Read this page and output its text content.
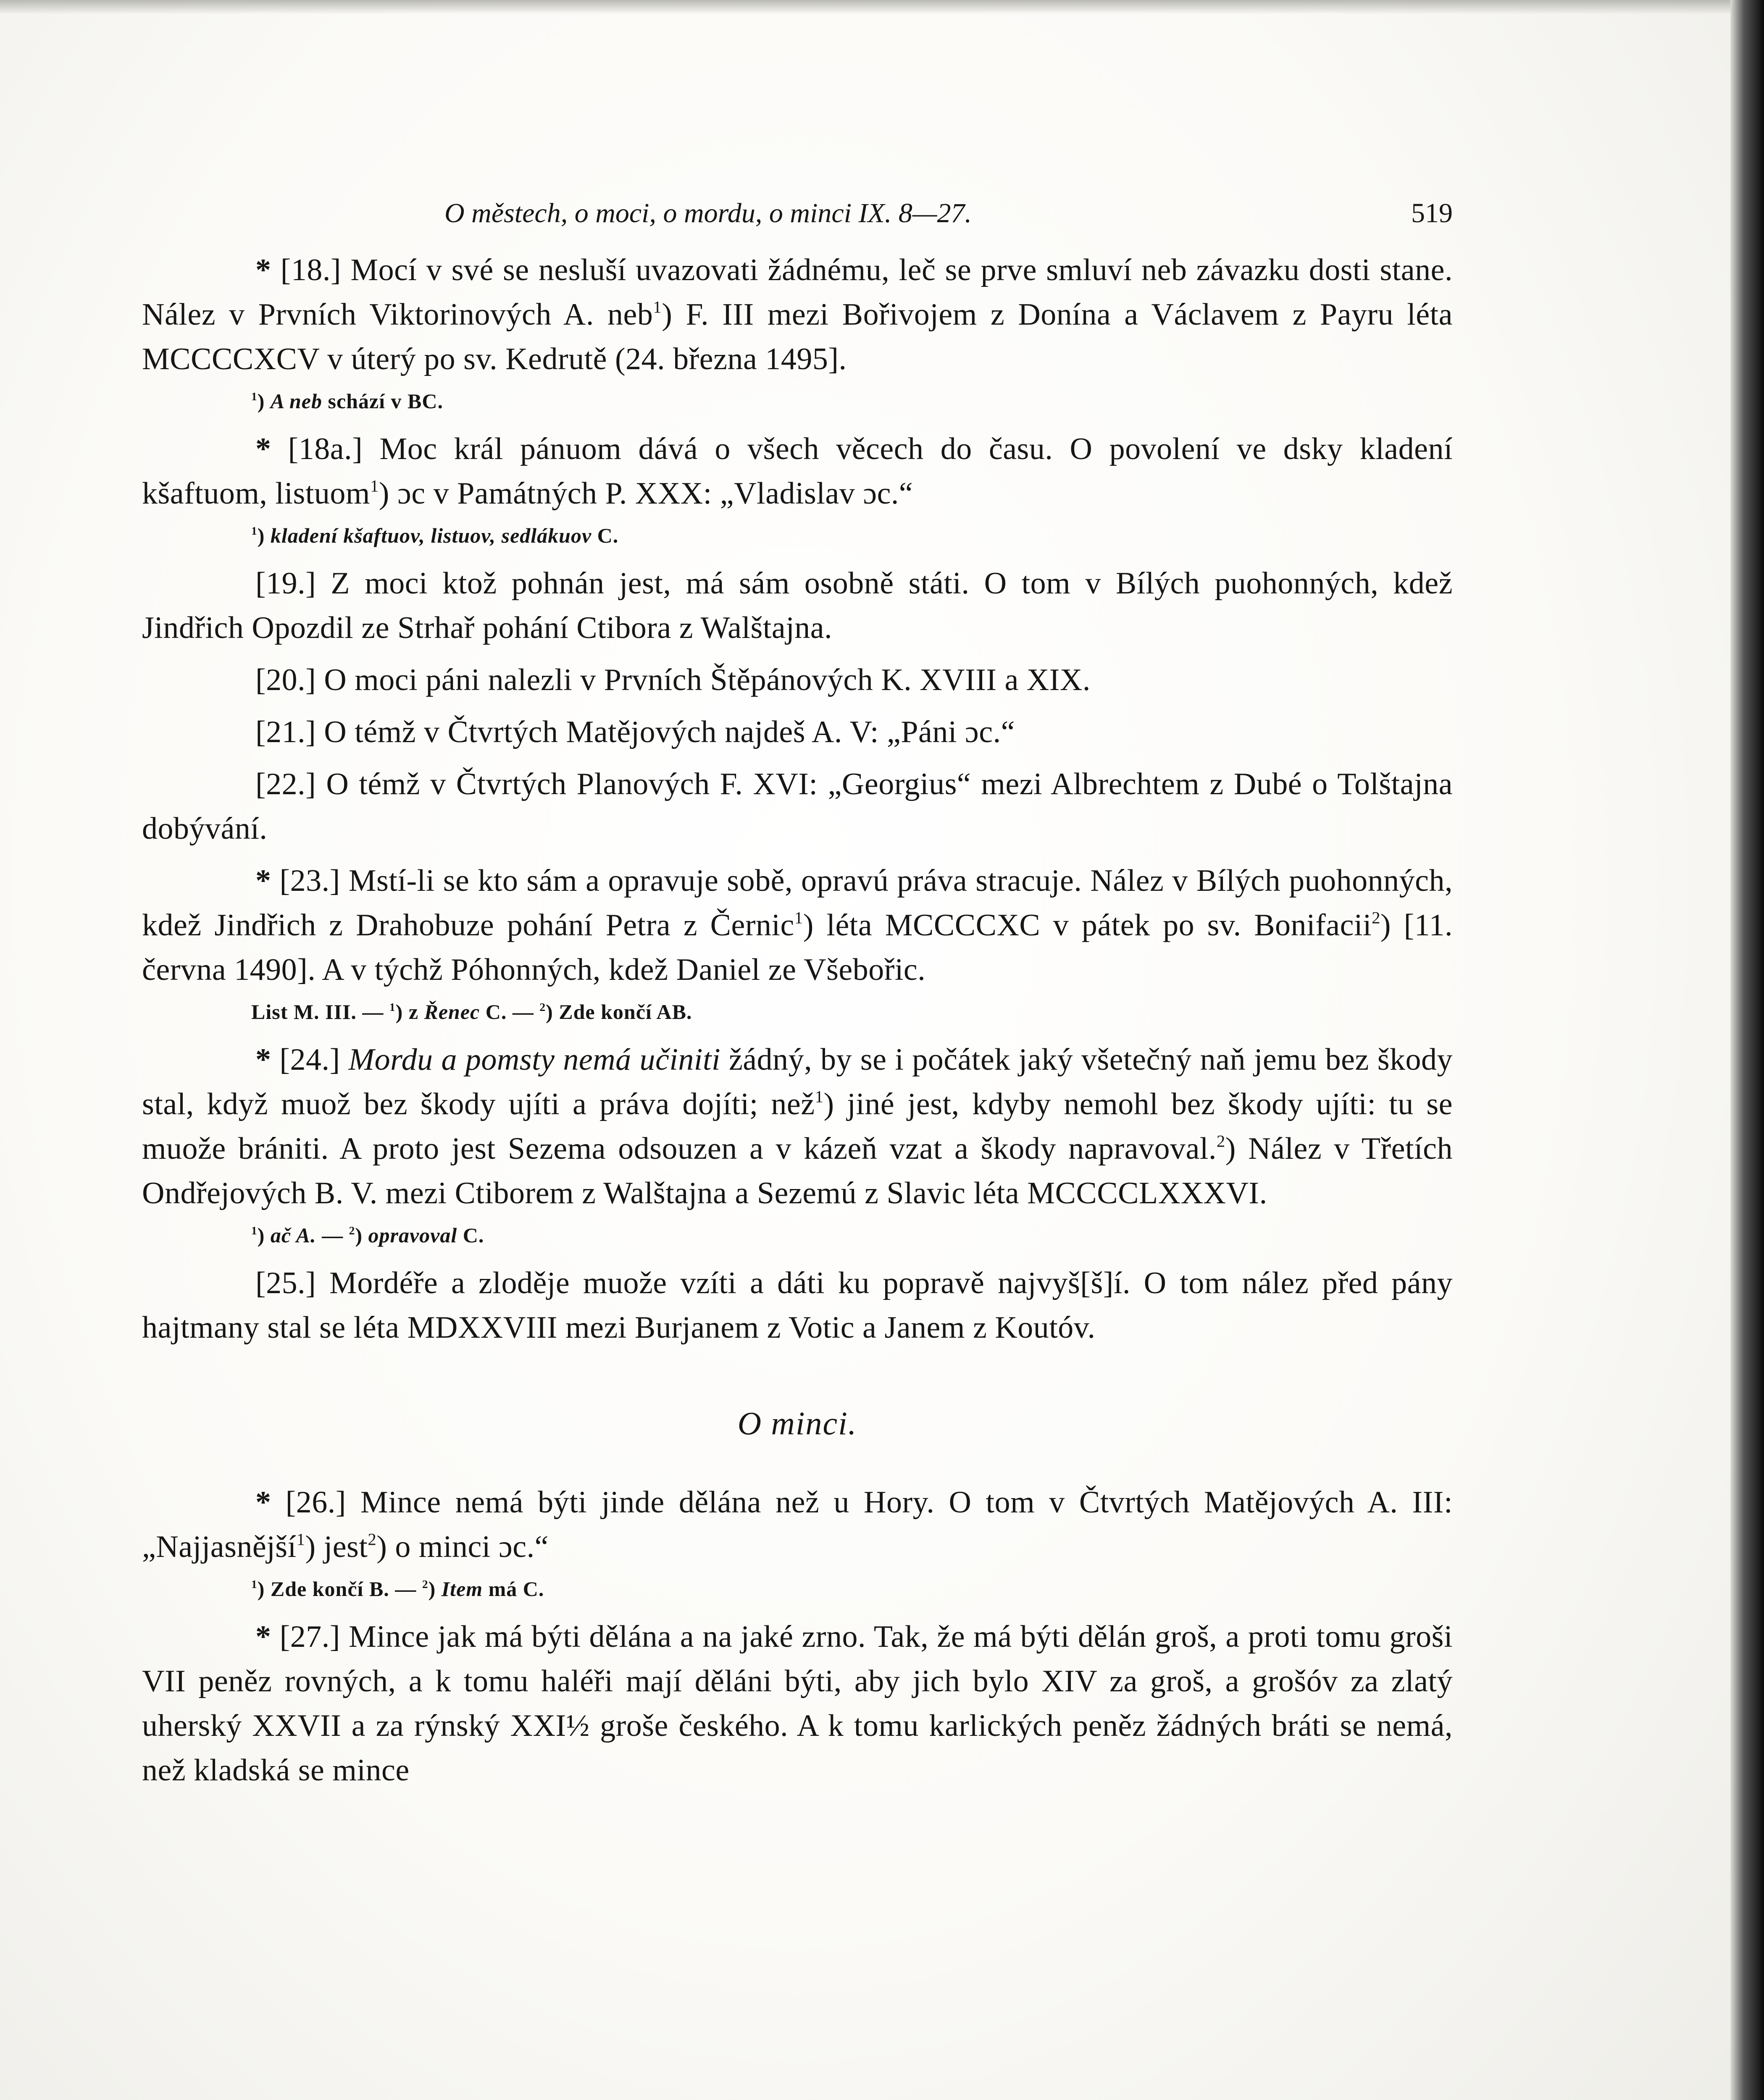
O městech, o moci, o mordu, o minci IX. 8—27.	519

* [18.] Mocí v své se nesluší uvazovati žádnému, leč se prve smluví neb závazku dosti stane. Nález v Prvních Viktorinových A. neb$^1$) F. III mezi Bořivojem z Donína a Václavem z Payru léta MCCCCXCV v úterý po sv. Kedrutě (24. března 1495].

$^1$) A neb schází v BC.

* [18a.] Moc král pánuom dává o všech věcech do času. O povolení ve dsky kladení kšaftuom, listuom$^1$) ɔc v Památných P. XXX: „Vladislav ɔc.“

$^1$) kladení kšaftuov, listuov, sedlákuov C.

[19.] Z moci ktož pohnán jest, má sám osobně státi. O tom v Bílých puohonných, kdež Jindřich Opozdil ze Strhař pohání Ctibora z Walštajna.

[20.] O moci páni nalezli v Prvních Štěpánových K. XVIII a XIX.

[21.] O témž v Čtvrtých Matějových najdeš A. V: „Páni ɔc.“

[22.] O témž v Čtvrtých Planových F. XVI: „Georgius“ mezi Albrechtem z Dubé o Tolštajna dobývání.

* [23.] Mstí-li se kto sám a opravuje sobě, opravú práva stracuje. Nález v Bílých puohonných, kdež Jindřich z Drahobuze pohání Petra z Černic$^1$) léta MCCCCXC v pátek po sv. Bonifacii$^2$) [11. června 1490]. A v týchž Póhonných, kdež Daniel ze Všebořic.

List M. III. — $^1$) z Řenec C. — $^2$) Zde končí AB.

* [24.] Mordu a pomsty nemá učiniti žádný, by se i počátek jaký všetečný naň jemu bez škody stal, když muož bez škody ujíti a práva dojíti; než$^1$) jiné jest, kdyby nemohl bez škody ujíti: tu se muože brániti. A proto jest Sezema odsouzen a v kázeň vzat a škody napravoval.$^2$) Nález v Třetích Ondřejových B. V. mezi Ctiborem z Walštajna a Sezemú z Slavic léta MCCCCLXXXVI.

$^1$) ač A. — $^2$) opravoval C.

[25.] Mordéře a zloděje muože vzíti a dáti ku popravě najvyš[š]í. O tom nález před pány hajtmany stal se léta MDXXVIII mezi Burjanem z Votic a Janem z Koutóv.

O minci.

* [26.] Mince nemá býti jinde dělána než u Hory. O tom v Čtvrtých Matějových A. III: „Najjasnější$^1$) jest$^2$) o minci ɔc.“

$^1$) Zde končí B. — $^2$) Item má C.

* [27.] Mince jak má býti dělána a na jaké zrno. Tak, že má býti dělán groš, a proti tomu groši VII peněz rovných, a k tomu haléři mají děláni býti, aby jich bylo XIV za groš, a grošóv za zlatý uherský XXVII a za rýnský XXI½ groše českého. A k tomu karlických peněz žádných bráti se nemá, než kladská se mince
